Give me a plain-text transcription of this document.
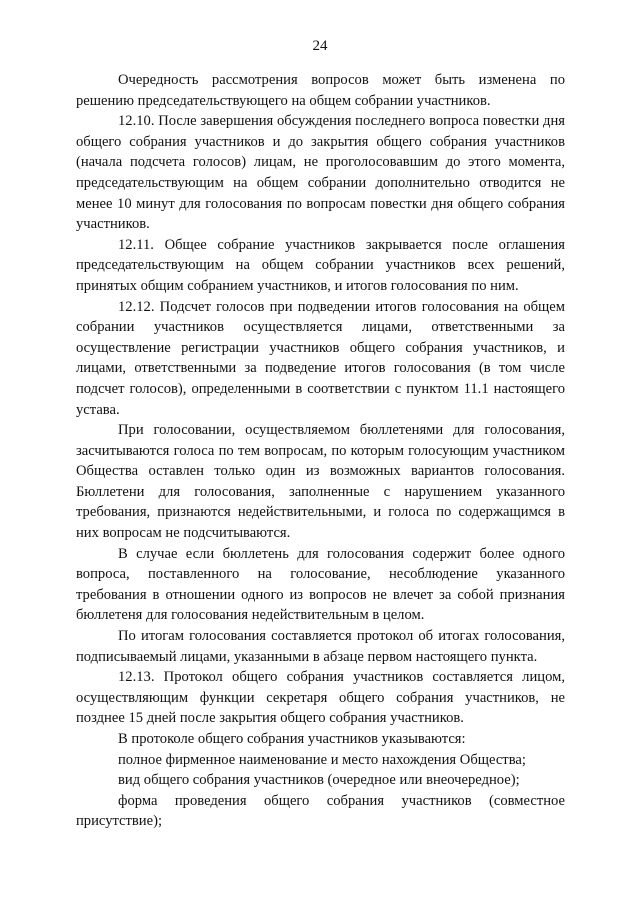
24

Очередность рассмотрения вопросов может быть изменена по решению председательствующего на общем собрании участников.

12.10. После завершения обсуждения последнего вопроса повестки дня общего собрания участников и до закрытия общего собрания участников (начала подсчета голосов) лицам, не проголосовавшим до этого момента, председательствующим на общем собрании дополнительно отводится не менее 10 минут для голосования по вопросам повестки дня общего собрания участников.

12.11. Общее собрание участников закрывается после оглашения председательствующим на общем собрании участников всех решений, принятых общим собранием участников, и итогов голосования по ним.

12.12. Подсчет голосов при подведении итогов голосования на общем собрании участников осуществляется лицами, ответственными за осуществление регистрации участников общего собрания участников, и лицами, ответственными за подведение итогов голосования (в том числе подсчет голосов), определенными в соответствии с пунктом 11.1 настоящего устава.

При голосовании, осуществляемом бюллетенями для голосования, засчитываются голоса по тем вопросам, по которым голосующим участником Общества оставлен только один из возможных вариантов голосования. Бюллетени для голосования, заполненные с нарушением указанного требования, признаются недействительными, и голоса по содержащимся в них вопросам не подсчитываются.

В случае если бюллетень для голосования содержит более одного вопроса, поставленного на голосование, несоблюдение указанного требования в отношении одного из вопросов не влечет за собой признания бюллетеня для голосования недействительным в целом.

По итогам голосования составляется протокол об итогах голосования, подписываемый лицами, указанными в абзаце первом настоящего пункта.

12.13. Протокол общего собрания участников составляется лицом, осуществляющим функции секретаря общего собрания участников, не позднее 15 дней после закрытия общего собрания участников.

В протоколе общего собрания участников указываются:

полное фирменное наименование и место нахождения Общества;

вид общего собрания участников (очередное или внеочередное);

форма проведения общего собрания участников (совместное присутствие);
